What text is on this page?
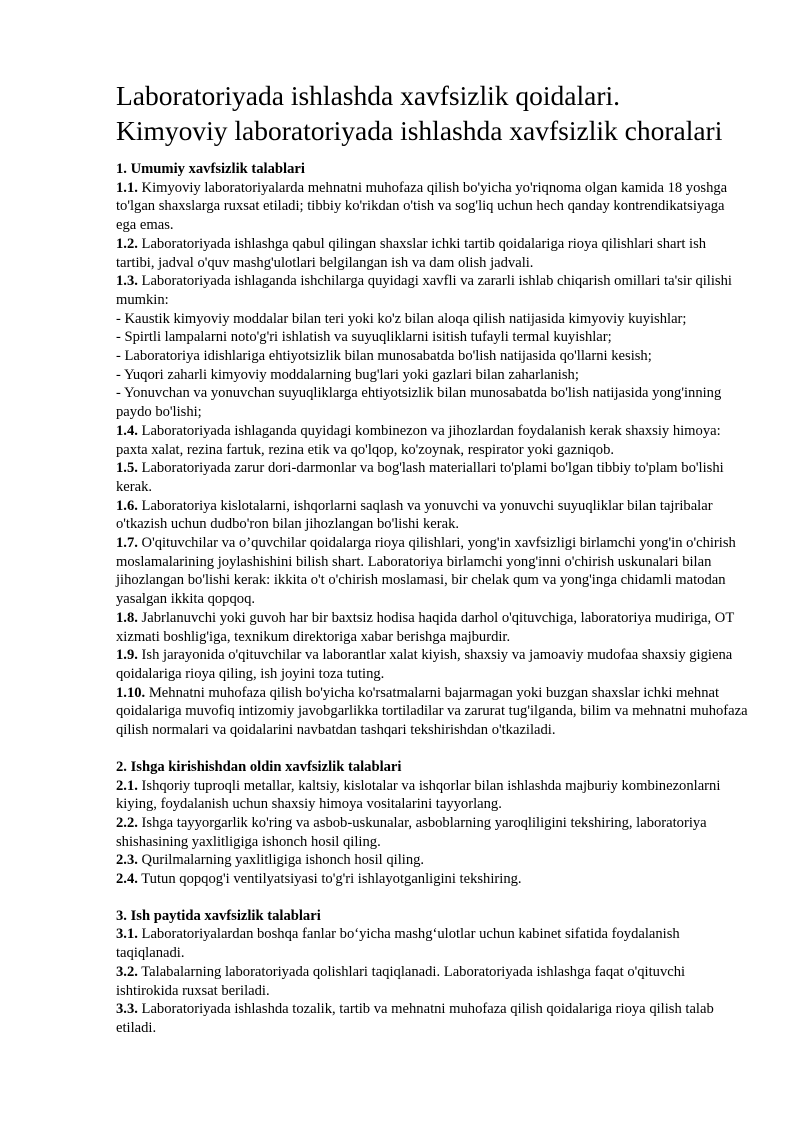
Laboratoriyada ishlashda xavfsizlik qoidalari.
Kimyoviy laboratoriyada ishlashda xavfsizlik choralari

1. Umumiy xavfsizlik talablari

1.1. Kimyoviy laboratoriyalarda mehnatni muhofaza qilish bo'yicha yo'riqnoma olgan kamida 18 yoshga to'lgan shaxslarga ruxsat etiladi; tibbiy ko'rikdan o'tish va sog'liq uchun hech qanday kontrendikatsiyaga ega emas.

1.2. Laboratoriyada ishlashga qabul qilingan shaxslar ichki tartib qoidalariga rioya qilishlari shart ish tartibi, jadval o'quv mashg'ulotlari belgilangan ish va dam olish jadvali.

1.3. Laboratoriyada ishlaganda ishchilarga quyidagi xavfli va zararli ishlab chiqarish omillari ta'sir qilishi mumkin:

- Kaustik kimyoviy moddalar bilan teri yoki ko'z bilan aloqa qilish natijasida kimyoviy kuyishlar;

- Spirtli lampalarni noto'g'ri ishlatish va suyuqliklarni isitish tufayli termal kuyishlar;

- Laboratoriya idishlariga ehtiyotsizlik bilan munosabatda bo'lish natijasida qo'llarni kesish;

- Yuqori zaharli kimyoviy moddalarning bug'lari yoki gazlari bilan zaharlanish;

- Yonuvchan va yonuvchan suyuqliklarga ehtiyotsizlik bilan munosabatda bo'lish natijasida yong'inning paydo bo'lishi;

1.4. Laboratoriyada ishlaganda quyidagi kombinezon va jihozlardan foydalanish kerak shaxsiy himoya: paxta xalat, rezina fartuk, rezina etik va qo'lqop, ko'zoynak, respirator yoki gazniqob.

1.5. Laboratoriyada zarur dori-darmonlar va bog'lash materiallari to'plami bo'lgan tibbiy to'plam bo'lishi kerak.

1.6. Laboratoriya kislotalarni, ishqorlarni saqlash va yonuvchi va yonuvchi suyuqliklar bilan tajribalar o'tkazish uchun dudbo'ron bilan jihozlangan bo'lishi kerak.

1.7. O'qituvchilar va o’quvchilar qoidalarga rioya qilishlari, yong'in xavfsizligi birlamchi yong'in o'chirish moslamalarining joylashishini bilish shart. Laboratoriya birlamchi yong'inni o'chirish uskunalari bilan jihozlangan bo'lishi kerak: ikkita o't o'chirish moslamasi, bir chelak qum va yong'inga chidamli matodan yasalgan ikkita qopqoq.

1.8. Jabrlanuvchi yoki guvoh har bir baxtsiz hodisa haqida darhol o'qituvchiga, laboratoriya mudiriga, OT xizmati boshlig'iga, texnikum direktoriga xabar berishga majburdir.

1.9. Ish jarayonida o'qituvchilar va laborantlar xalat kiyish, shaxsiy va jamoaviy mudofaa shaxsiy gigiena qoidalariga rioya qiling, ish joyini toza tuting.

1.10. Mehnatni muhofaza qilish bo'yicha ko'rsatmalarni bajarmagan yoki buzgan shaxslar ichki mehnat qoidalariga muvofiq intizomiy javobgarlikka tortiladilar va zarurat tug'ilganda, bilim va mehnatni muhofaza qilish normalari va qoidalarini navbatdan tashqari tekshirishdan o'tkaziladi.

2. Ishga kirishishdan oldin xavfsizlik talablari

2.1. Ishqoriy tuproqli metallar, kaltsiy, kislotalar va ishqorlar bilan ishlashda majburiy kombinezonlarni kiying, foydalanish uchun shaxsiy himoya vositalarini tayyorlang.

2.2. Ishga tayyorgarlik ko'ring va asbob-uskunalar, asboblarning yaroqliligini tekshiring, laboratoriya shishasining yaxlitligiga ishonch hosil qiling.

2.3. Qurilmalarning yaxlitligiga ishonch hosil qiling.

2.4. Tutun qopqog'i ventilyatsiyasi to'g'ri ishlayotganligini tekshiring.

3. Ish paytida xavfsizlik talablari

3.1. Laboratoriyalardan boshqa fanlar bo‘yicha mashg‘ulotlar uchun kabinet sifatida foydalanish taqiqlanadi.

3.2. Talabalarning laboratoriyada qolishlari taqiqlanadi. Laboratoriyada ishlashga faqat o'qituvchi ishtirokida ruxsat beriladi.

3.3. Laboratoriyada ishlashda tozalik, tartib va mehnatni muhofaza qilish qoidalariga rioya qilish talab etiladi.
